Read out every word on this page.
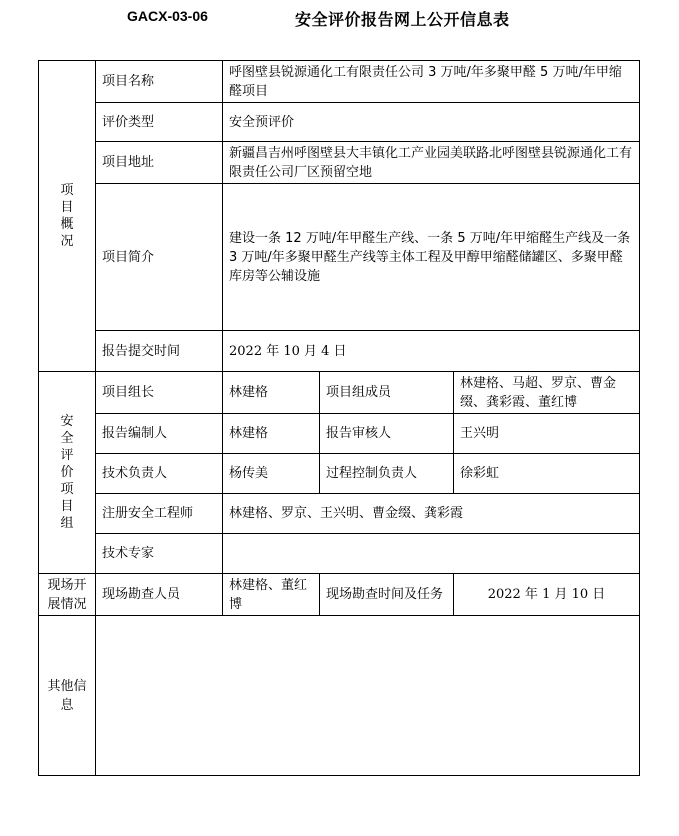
GACX-03-06	安全评价报告网上公开信息表
项目概况	项目名称	呼图壁县锐源通化工有限责任公司 3 万吨/年多聚甲醛 5 万吨/年甲缩醛项目		
	评价类型	安全预评价		
	项目地址	新疆昌吉州呼图壁县大丰镇化工产业园美联路北呼图壁县锐源通化工有限责任公司厂区预留空地		
	项目简介	建设一条 12 万吨/年甲醛生产线、一条 5 万吨/年甲缩醛生产线及一条 3 万吨/年多聚甲醛生产线等主体工程及甲醇甲缩醛储罐区、多聚甲醛库房等公辅设施		
	报告提交时间	2022 年 10 月 4 日		
安全评价项目组	项目组长	林建格	项目组成员	林建格、马超、罗京、曹金缀、龚彩霞、董红博
	报告编制人	林建格	报告审核人	王兴明
	技术负责人	杨传美	过程控制负责人	徐彩虹
	注册安全工程师	林建格、罗京、王兴明、曹金缀、龚彩霞		
	技术专家			
现场开展情况	现场勘查人员	林建格、董红博	现场勘查时间及任务	2022 年 1 月 10 日
其他信息				
